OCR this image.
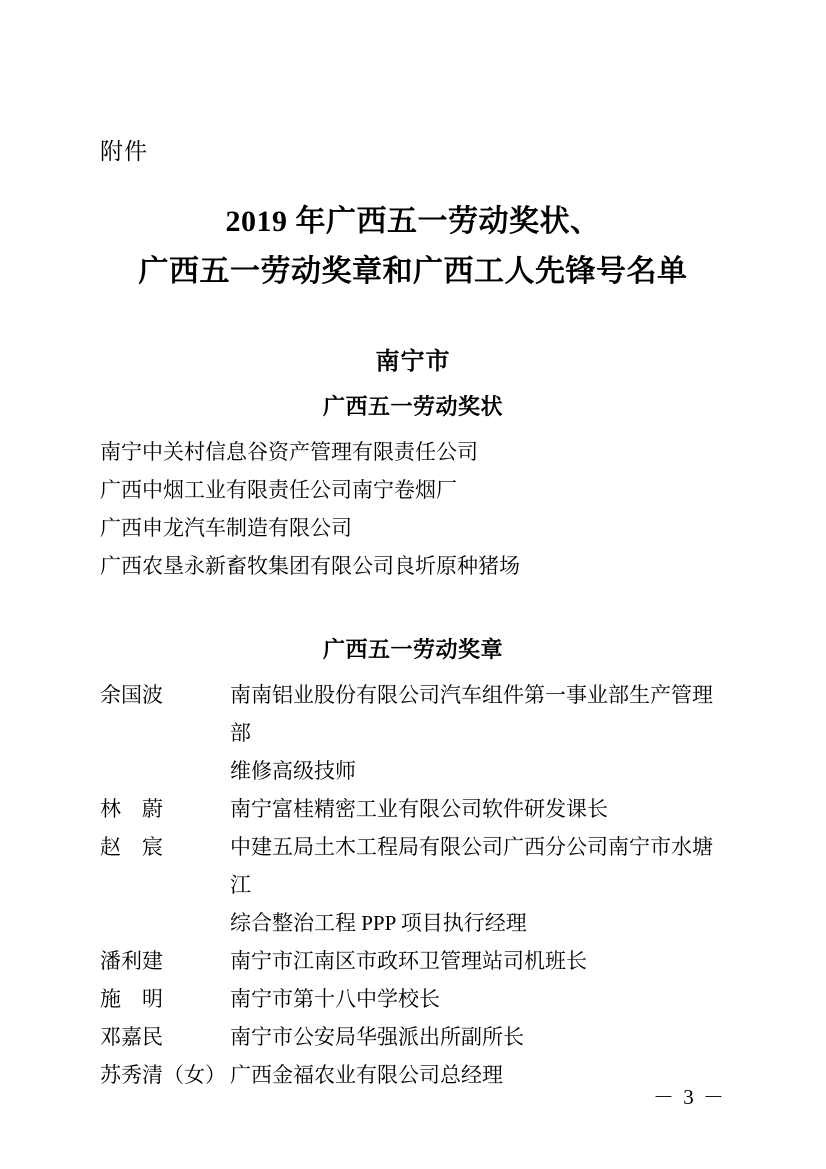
附件
2019 年广西五一劳动奖状、
广西五一劳动奖章和广西工人先锋号名单
南宁市
广西五一劳动奖状
南宁中关村信息谷资产管理有限责任公司
广西中烟工业有限责任公司南宁卷烟厂
广西申龙汽车制造有限公司
广西农垦永新畜牧集团有限公司良圻原种猪场
广西五一劳动奖章
余国波	南南铝业股份有限公司汽车组件第一事业部生产管理部
维修高级技师
林　蔚	南宁富桂精密工业有限公司软件研发课长
赵　宸	中建五局土木工程局有限公司广西分公司南宁市水塘江
综合整治工程 PPP 项目执行经理
潘利建	南宁市江南区市政环卫管理站司机班长
施　明	南宁市第十八中学校长
邓嘉民	南宁市公安局华强派出所副所长
苏秀清（女） 广西金福农业有限公司总经理
－ 3 －
